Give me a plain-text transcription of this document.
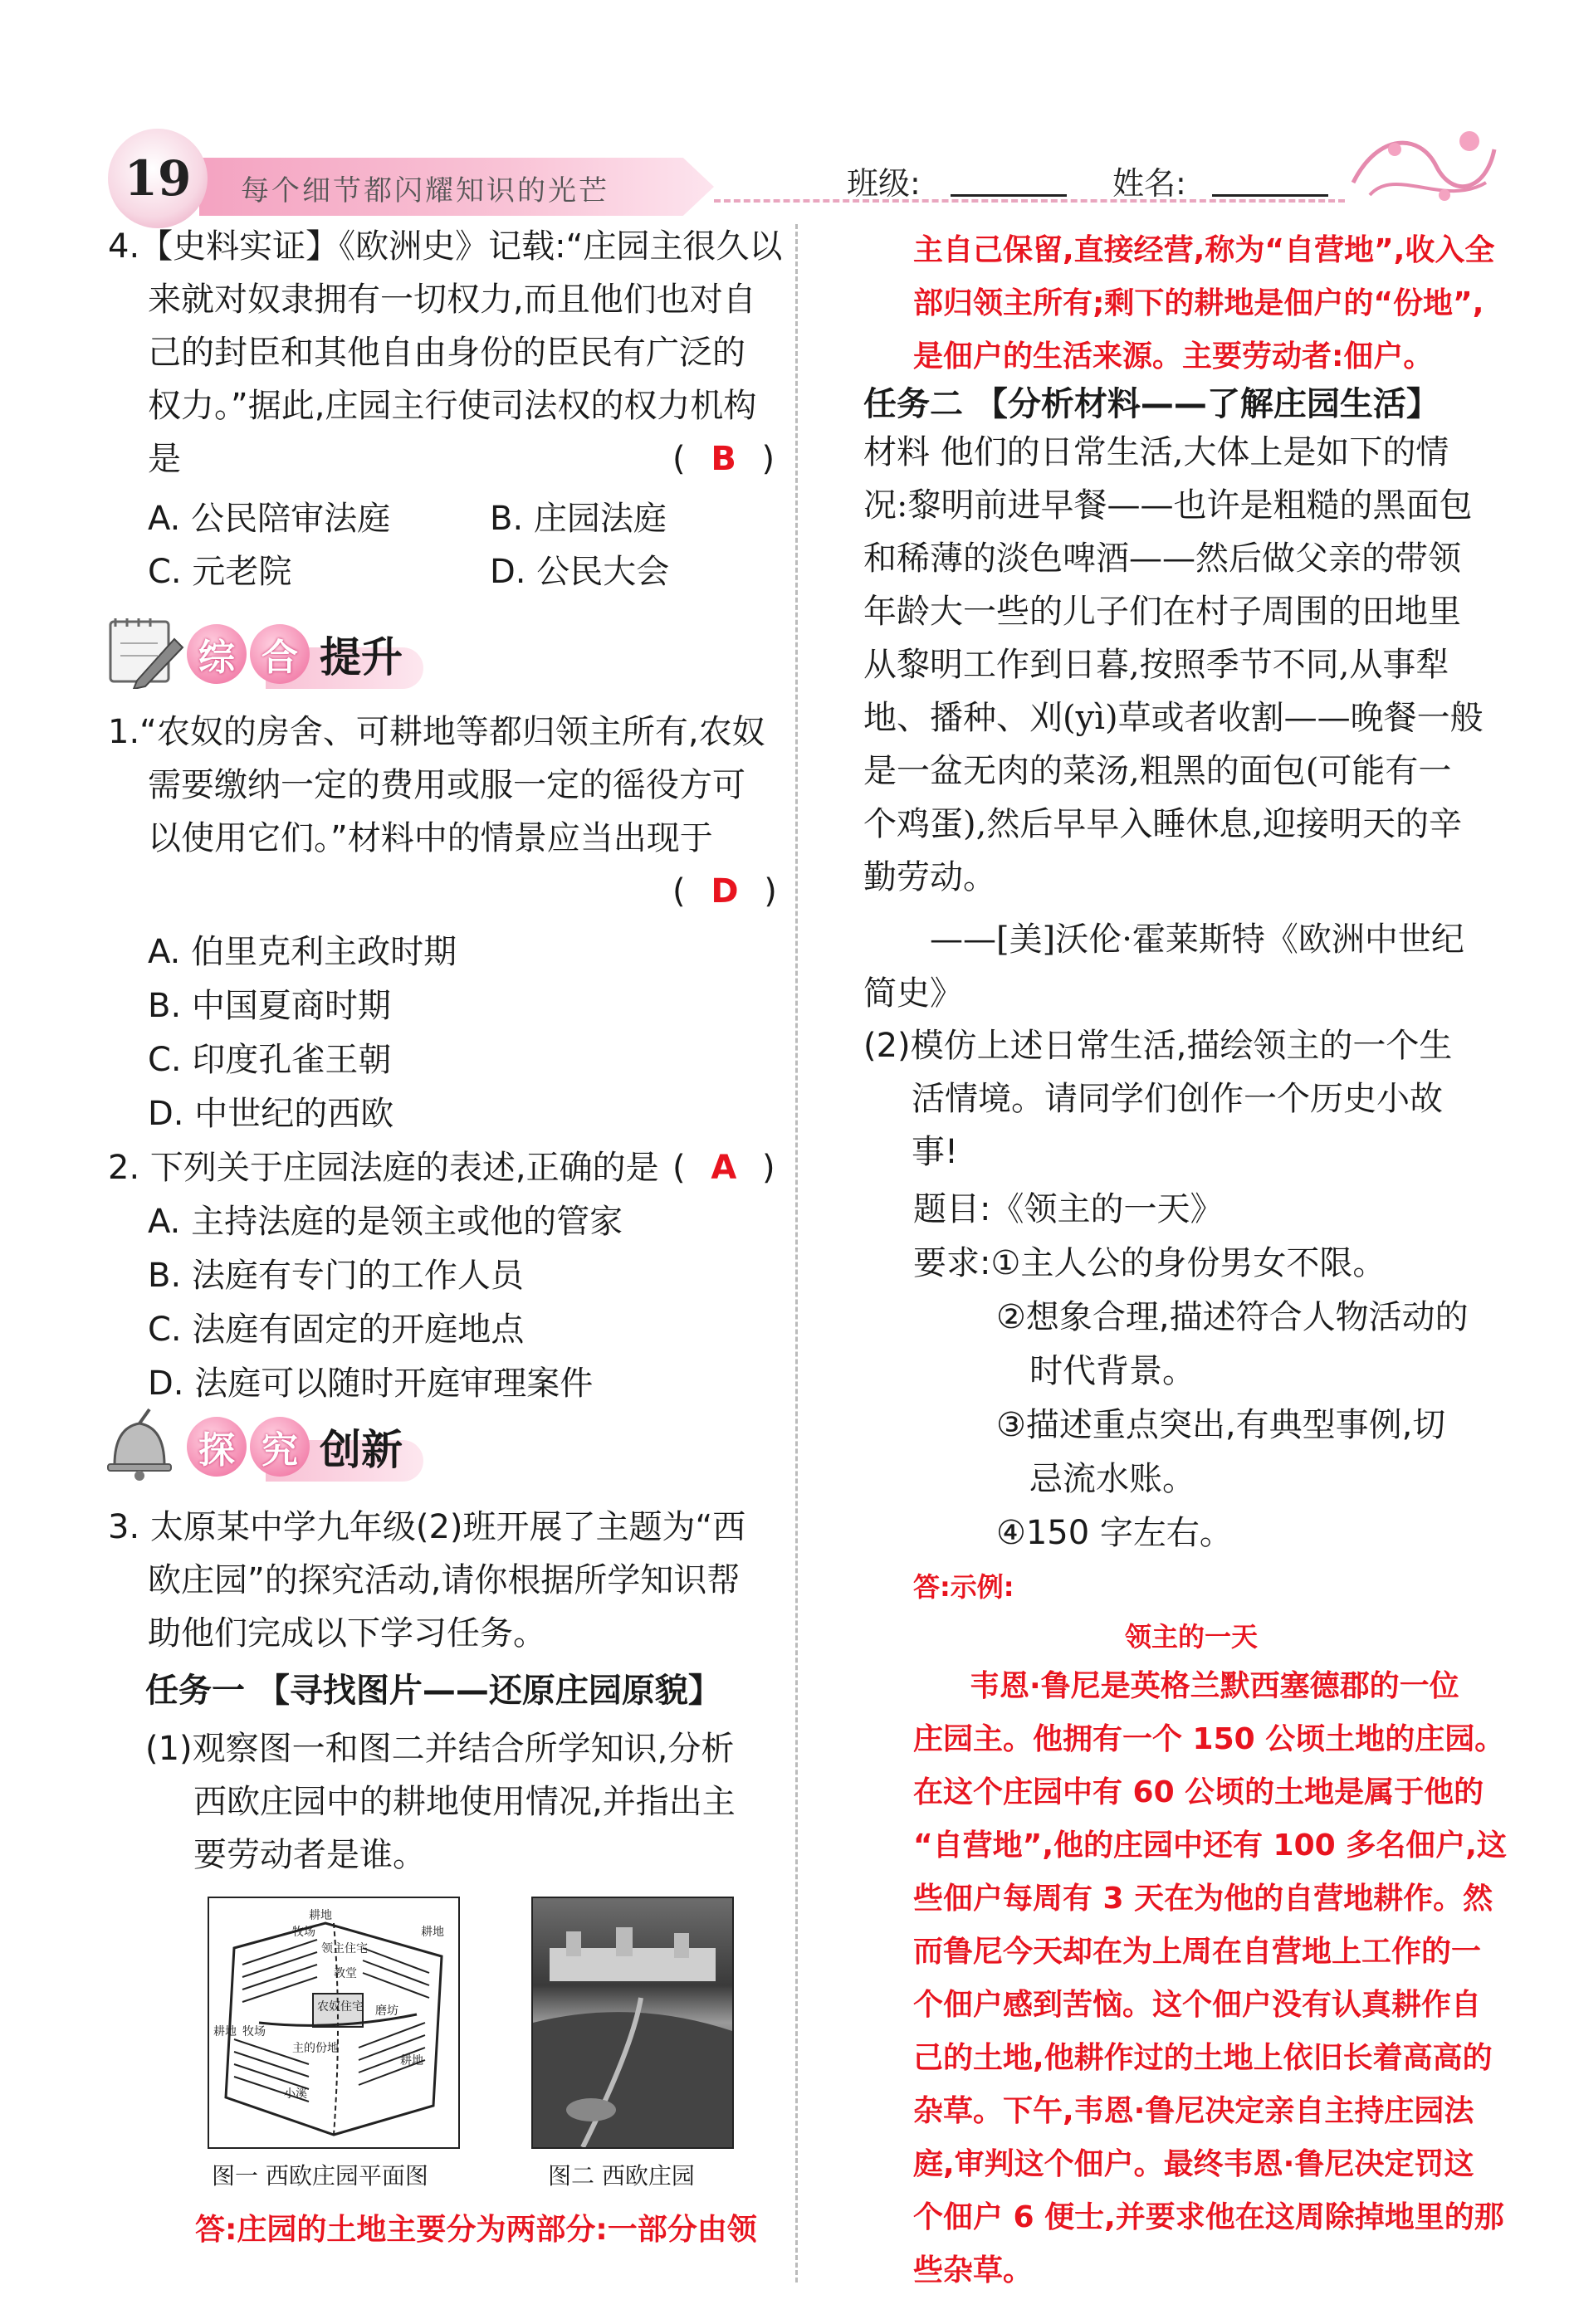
19	每个细节都闪耀知识的光芒	班级:	姓名:
4.【史料实证】《欧洲史》记载:“庄园主很久以
来就对奴隶拥有一切权力,而且他们也对自
己的封臣和其他自由身份的臣民有广泛的
权力。”据此,庄园主行使司法权的权力机构
是	( B )
A. 公民陪审法庭	B. 庄园法庭
C. 元老院	D. 公民大会
综 合 提升
1.“农奴的房舍、可耕地等都归领主所有,农奴
需要缴纳一定的费用或服一定的徭役方可
以使用它们。”材料中的情景应当出现于
( D )
A. 伯里克利主政时期
B. 中国夏商时期
C. 印度孔雀王朝
D. 中世纪的西欧
2. 下列关于庄园法庭的表述,正确的是 ( A )
A. 主持法庭的是领主或他的管家
B. 法庭有专门的工作人员
C. 法庭有固定的开庭地点
D. 法庭可以随时开庭审理案件
探 究 创新
3. 太原某中学九年级(2)班开展了主题为“西
欧庄园”的探究活动,请你根据所学知识帮
助他们完成以下学习任务。
任务一 【寻找图片——还原庄园原貌】
(1)观察图一和图二并结合所学知识,分析
西欧庄园中的耕地使用情况,并指出主
要劳动者是谁。
耕地
牧场
领主住宅
教堂
农奴住宅 磨坊
主的份地
耕地
牧场
小溪
耕地
耕地
图一 西欧庄园平面图	图二 西欧庄园
答:庄园的土地主要分为两部分:一部分由领
主自己保留,直接经营,称为“自营地”,收入全
部归领主所有;剩下的耕地是佃户的“份地”,
是佃户的生活来源。主要劳动者:佃户。
任务二 【分析材料——了解庄园生活】
材料 他们的日常生活,大体上是如下的情
况:黎明前进早餐——也许是粗糙的黑面包
和稀薄的淡色啤酒——然后做父亲的带领
年龄大一些的儿子们在村子周围的田地里
从黎明工作到日暮,按照季节不同,从事犁
地、播种、刈(yì)草或者收割——晚餐一般
是一盆无肉的菜汤,粗黑的面包(可能有一
个鸡蛋),然后早早入睡休息,迎接明天的辛
勤劳动。
——[美]沃伦·霍莱斯特《欧洲中世纪
简史》
(2)模仿上述日常生活,描绘领主的一个生
活情境。请同学们创作一个历史小故
事!
题目:《领主的一天》
要求:①主人公的身份男女不限。
②想象合理,描述符合人物活动的
时代背景。
③描述重点突出,有典型事例,切
忌流水账。
④150 字左右。
答:示例:
领主的一天
韦恩·鲁尼是英格兰默西塞德郡的一位
庄园主。他拥有一个 150 公顷土地的庄园。
在这个庄园中有 60 公顷的土地是属于他的
“自营地”,他的庄园中还有 100 多名佃户,这
些佃户每周有 3 天在为他的自营地耕作。然
而鲁尼今天却在为上周在自营地上工作的一
个佃户感到苦恼。这个佃户没有认真耕作自
己的土地,他耕作过的土地上依旧长着高高的
杂草。下午,韦恩·鲁尼决定亲自主持庄园法
庭,审判这个佃户。最终韦恩·鲁尼决定罚这
个佃户 6 便士,并要求他在这周除掉地里的那
些杂草。
